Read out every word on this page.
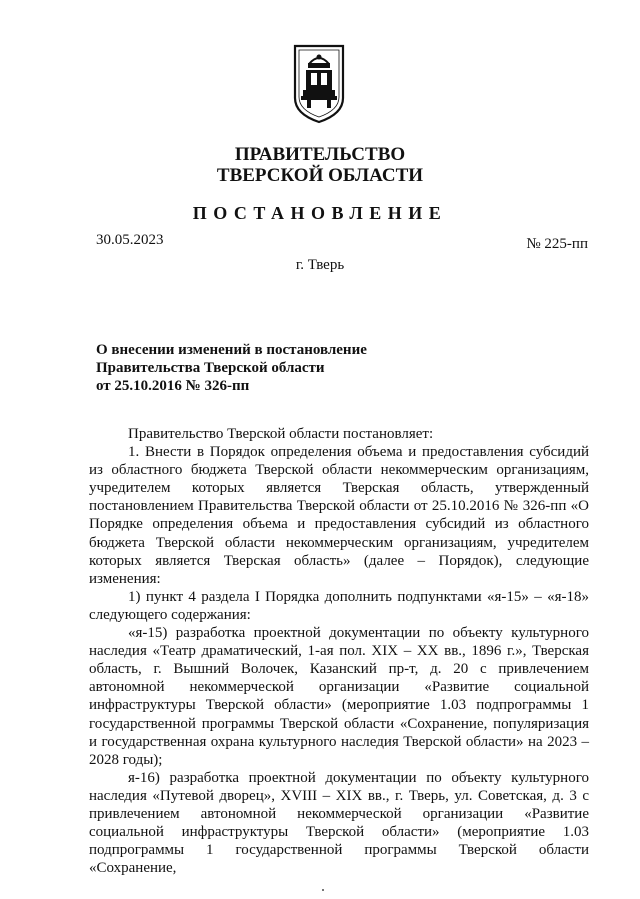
ПРАВИТЕЛЬСТВО
ТВЕРСКОЙ ОБЛАСТИ
ПОСТАНОВЛЕНИЕ
30.05.2023	№ 225-пп
г. Тверь
О внесении изменений в постановление
Правительства Тверской области
от 25.10.2016 № 326-пп

Правительство Тверской области постановляет:

1. Внести в Порядок определения объема и предоставления субсидий из областного бюджета Тверской области некоммерческим организациям, учредителем которых является Тверская область, утвержденный постановлением Правительства Тверской области от 25.10.2016 № 326-пп «О Порядке определения объема и предоставления субсидий из областного бюджета Тверской области некоммерческим организациям, учредителем которых является Тверская область» (далее – Порядок), следующие изменения:

1) пункт 4 раздела I Порядка дополнить подпунктами «я-15» – «я-18» следующего содержания:

«я-15) разработка проектной документации по объекту культурного наследия «Театр драматический, 1-ая пол. XIX – XX вв., 1896 г.», Тверская область, г. Вышний Волочек, Казанский пр-т, д. 20 с привлечением автономной некоммерческой организации «Развитие социальной инфраструктуры Тверской области» (мероприятие 1.03 подпрограммы 1 государственной программы Тверской области «Сохранение, популяризация и государственная охрана культурного наследия Тверской области» на 2023 – 2028 годы);

я-16) разработка проектной документации по объекту культурного наследия «Путевой дворец», XVIII – XIX вв., г. Тверь, ул. Советская, д. 3 с привлечением автономной некоммерческой организации «Развитие социальной инфраструктуры Тверской области» (мероприятие 1.03 подпрограммы 1 государственной программы Тверской области «Сохранение,
